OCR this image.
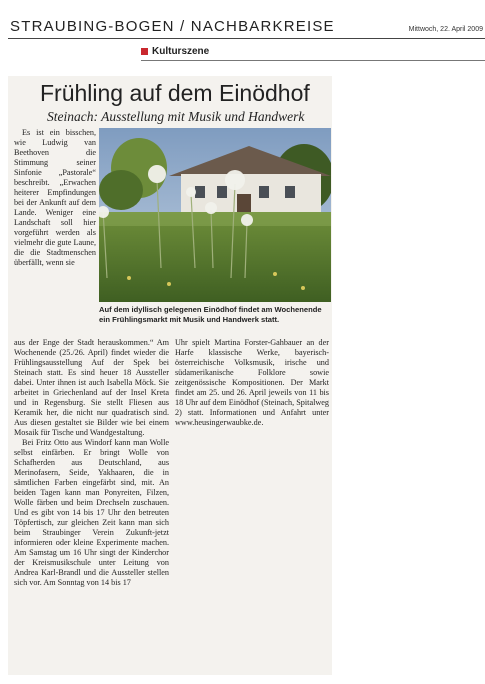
STRAUBING-BOGEN / NACHBARKREISE	Mittwoch, 22. April 2009
Kulturszene
Frühling auf dem Einödhof
Steinach: Ausstellung mit Musik und Handwerk
Auf dem idyllisch gelegenen Einödhof findet am Wochenende ein Frühlingsmarkt mit Musik und Handwerk statt.

Es ist ein bisschen, wie Ludwig van Beethoven die Stimmung seiner Sinfonie „Pastorale“ beschreibt. „Erwachen heiterer Empfindungen bei der Ankunft auf dem Lande. Weniger eine Landschaft soll hier vorgeführt werden als vielmehr die gute Laune, die die Stadtmenschen überfällt, wenn sie

aus der Enge der Stadt herauskommen.“ Am Wochenende (25./26. April) findet wieder die Frühlingsausstellung Auf der Spek bei Steinach statt. Es sind heuer 18 Aussteller dabei. Unter ihnen ist auch Isabella Möck. Sie arbeitet in Griechenland auf der Insel Kreta und in Regensburg. Sie stellt Fliesen aus Keramik her, die nicht nur quadratisch sind. Aus diesen gestaltet sie Bilder wie bei einem Mosaik für Tische und Wandgestaltung.

Bei Fritz Otto aus Windorf kann man Wolle selbst einfärben. Er bringt Wolle von Schafherden aus Deutschland, aus Merinofasern, Seide, Yakhaaren, die in sämtlichen Farben eingefärbt sind, mit. An beiden Tagen kann man Ponyreiten, Filzen, Wolle färben und beim Drechseln zuschauen. Und es gibt von 14 bis 17 Uhr den betreuten Töpfertisch, zur gleichen Zeit kann man sich beim Straubinger Verein Zukunft-jetzt informieren oder kleine Experimente machen. Am Samstag um 16 Uhr singt der Kinderchor der Kreismusikschule unter Leitung von Andrea Karl-Brandl und die Aussteller stellen sich vor. Am Sonntag von 14 bis 17

Uhr spielt Martina Forster-Gahbauer an der Harfe klassische Werke, bayerisch-österreichische Volksmusik, irische und südamerikanische Folklore sowie zeitgenössische Kompositionen. Der Markt findet am 25. und 26. April jeweils von 11 bis 18 Uhr auf dem Einödhof (Steinach, Spitalweg 2) statt. Informationen und Anfahrt unter www.heusingerwaubke.de.
